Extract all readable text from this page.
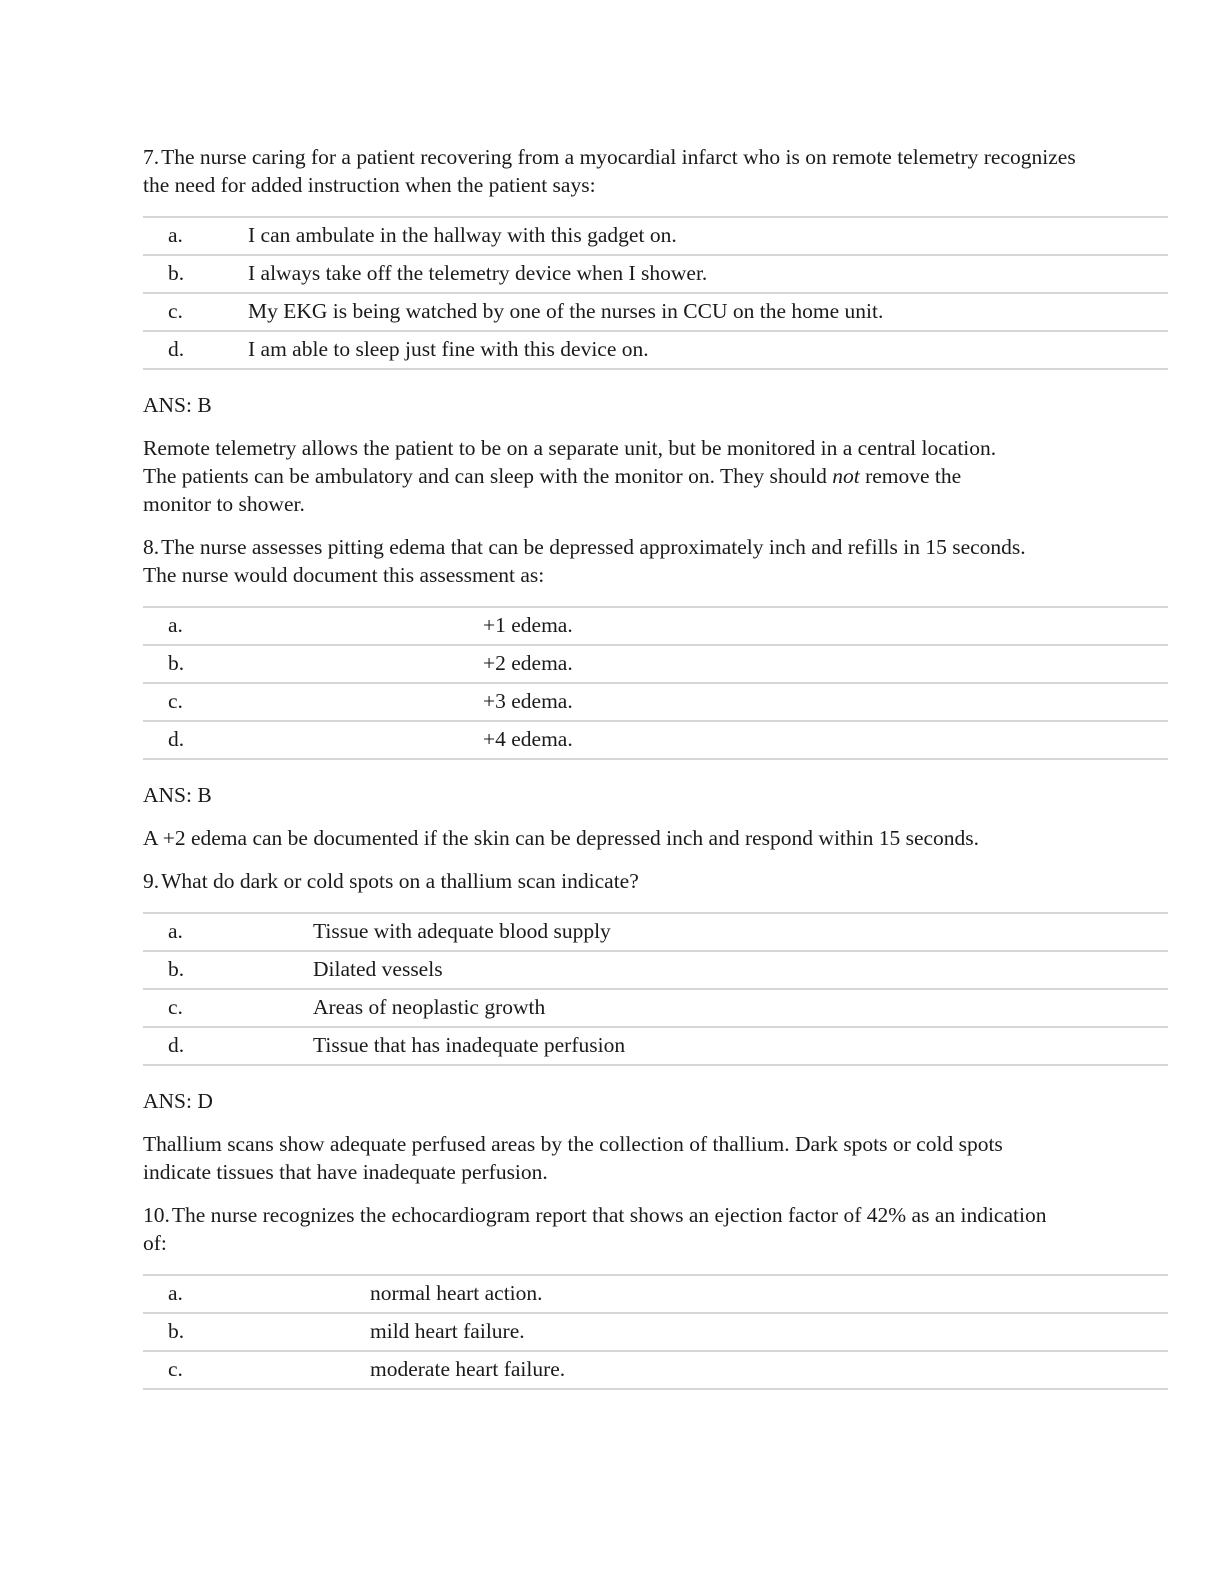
7.The nurse caring for a patient recovering from a myocardial infarct who is on remote telemetry recognizes the need for added instruction when the patient says:

a.	I can ambulate in the hallway with this gadget on.
b.	I always take off the telemetry device when I shower.
c.	My EKG is being watched by one of the nurses in CCU on the home unit.
d.	I am able to sleep just fine with this device on.

ANS: B

Remote telemetry allows the patient to be on a separate unit, but be monitored in a central location. The patients can be ambulatory and can sleep with the monitor on. They should not remove the monitor to shower.

8.The nurse assesses pitting edema that can be depressed approximately inch and refills in 15 seconds. The nurse would document this assessment as:

a.	+1 edema.
b.	+2 edema.
c.	+3 edema.
d.	+4 edema.

ANS: B

A +2 edema can be documented if the skin can be depressed inch and respond within 15 seconds.

9.What do dark or cold spots on a thallium scan indicate?

a.	Tissue with adequate blood supply
b.	Dilated vessels
c.	Areas of neoplastic growth
d.	Tissue that has inadequate perfusion

ANS: D

Thallium scans show adequate perfused areas by the collection of thallium. Dark spots or cold spots indicate tissues that have inadequate perfusion.

10.The nurse recognizes the echocardiogram report that shows an ejection factor of 42% as an indication of:

a.	normal heart action.
b.	mild heart failure.
c.	moderate heart failure.
